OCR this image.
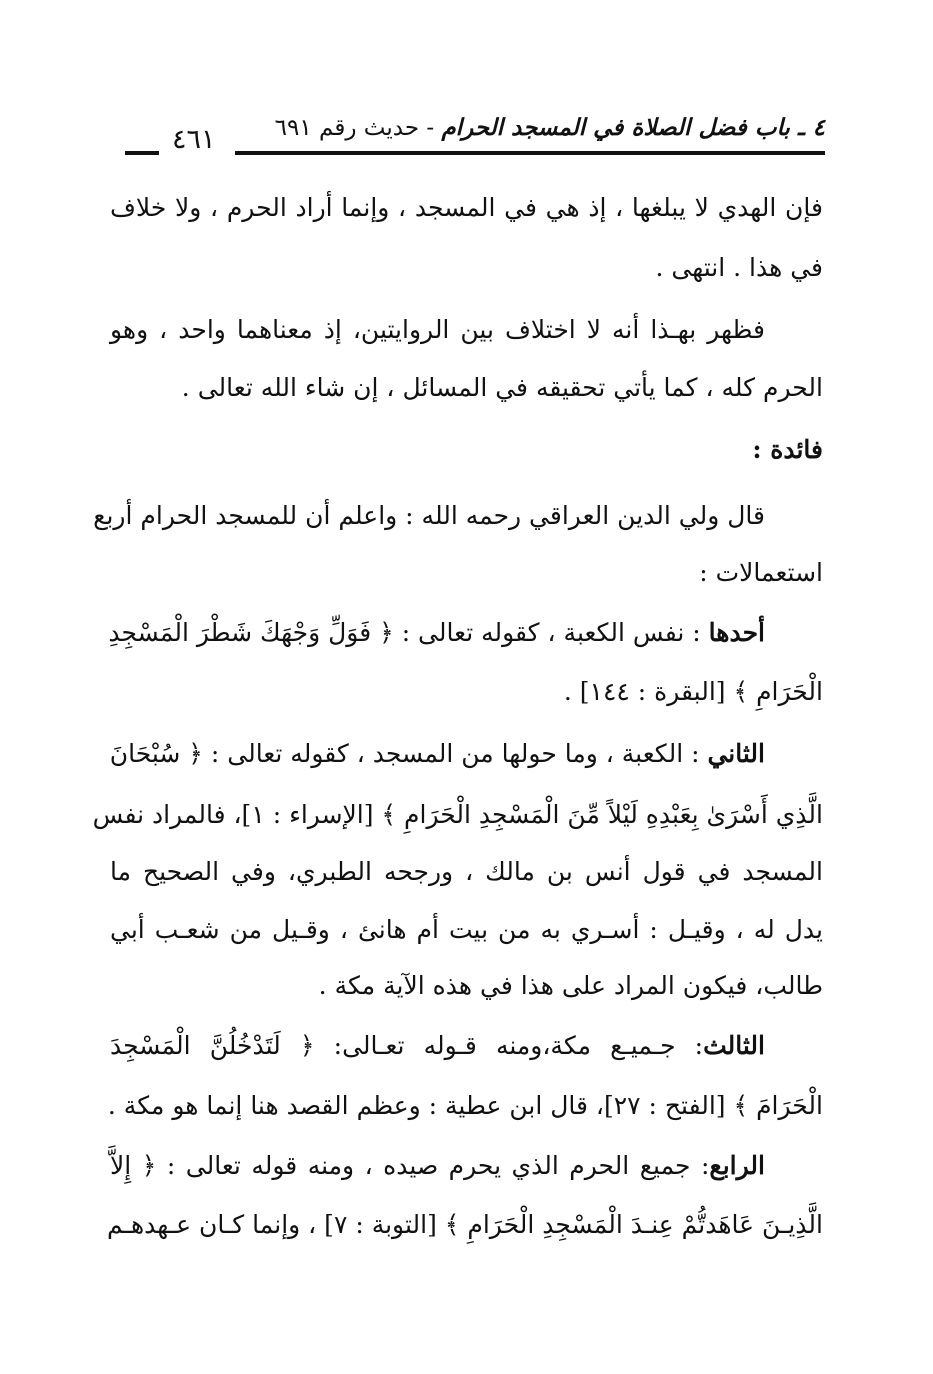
٤ ـ باب فضل الصلاة في المسجد الحرام - حديث رقم ٦٩١
٤٦١
فإن الهدي لا يبلغها ، إذ هي في المسجد ، وإنما أراد الحرم ، ولا خلاف
في هذا . انتهى .
فظهر بهـذا أنه لا اختلاف بين الروايتين، إذ معناهما واحد ، وهو
الحرم كله ، كما يأتي تحقيقه في المسائل ، إن شاء الله تعالى .
فائدة :
قال ولي الدين العراقي رحمه الله : واعلم أن للمسجد الحرام أربع
استعمالات :
أحدها : نفس الكعبة ، كقوله تعالى : ﴿ فَوَلِّ وَجْهَكَ شَطْرَ الْمَسْجِدِ
الْحَرَامِ ﴾ [البقرة : ١٤٤] .
الثاني : الكعبة ، وما حولها من المسجد ، كقوله تعالى : ﴿ سُبْحَانَ
الَّذِي أَسْرَىٰ بِعَبْدِهِ لَيْلاً مِّنَ الْمَسْجِدِ الْحَرَامِ ﴾ [الإسراء : ١]، فالمراد نفس
المسجد في قول أنس بن مالك ، ورجحه الطبري، وفي الصحيح ما
يدل له ، وقيـل : أسـري به من بيت أم هانئ ، وقـيل من شعـب أبي
طالب، فيكون المراد على هذا في هذه الآية مكة .
الثالث: جـميـع مكة،ومنه قـوله تعـالى: ﴿ لَتَدْخُلُنَّ الْمَسْجِدَ
الْحَرَامَ ﴾ [الفتح : ٢٧]، قال ابن عطية : وعظم القصد هنا إنما هو مكة .
الرابع: جميع الحرم الذي يحرم صيده ، ومنه قوله تعالى : ﴿ إِلاَّ
الَّذِيـنَ عَاهَدتُّمْ عِنـدَ الْمَسْجِدِ الْحَرَامِ ﴾ [التوبة : ٧] ، وإنما كـان عـهدهـم
